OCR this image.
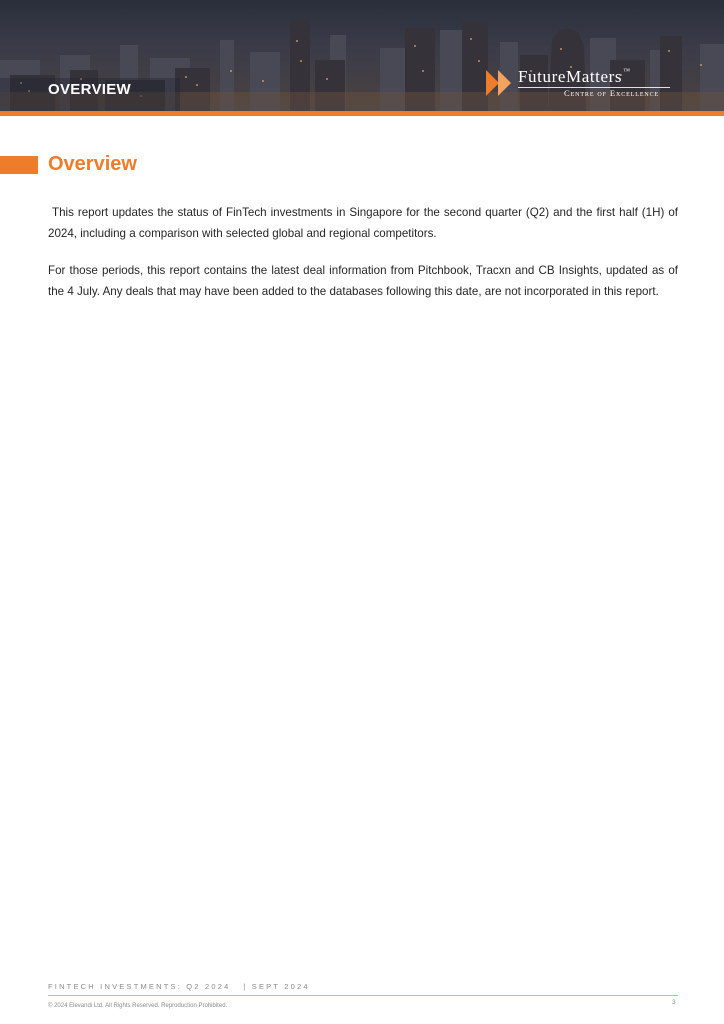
OVERVIEW
FutureMatters™
Centre of Excellence
Overview

This report updates the status of FinTech investments in Singapore for the second quarter (Q2) and the first half (1H) of 2024, including a comparison with selected global and regional competitors.

For those periods, this report contains the latest deal information from Pitchbook, Tracxn and CB Insights, updated as of the 4 July. Any deals that may have been added to the databases following this date, are not incorporated in this report.

FINTECH INVESTMENTS: Q2 2024   | SEPT 2024
© 2024 Elevandi Ltd. All Rights Reserved. Reproduction Prohibited.	3
